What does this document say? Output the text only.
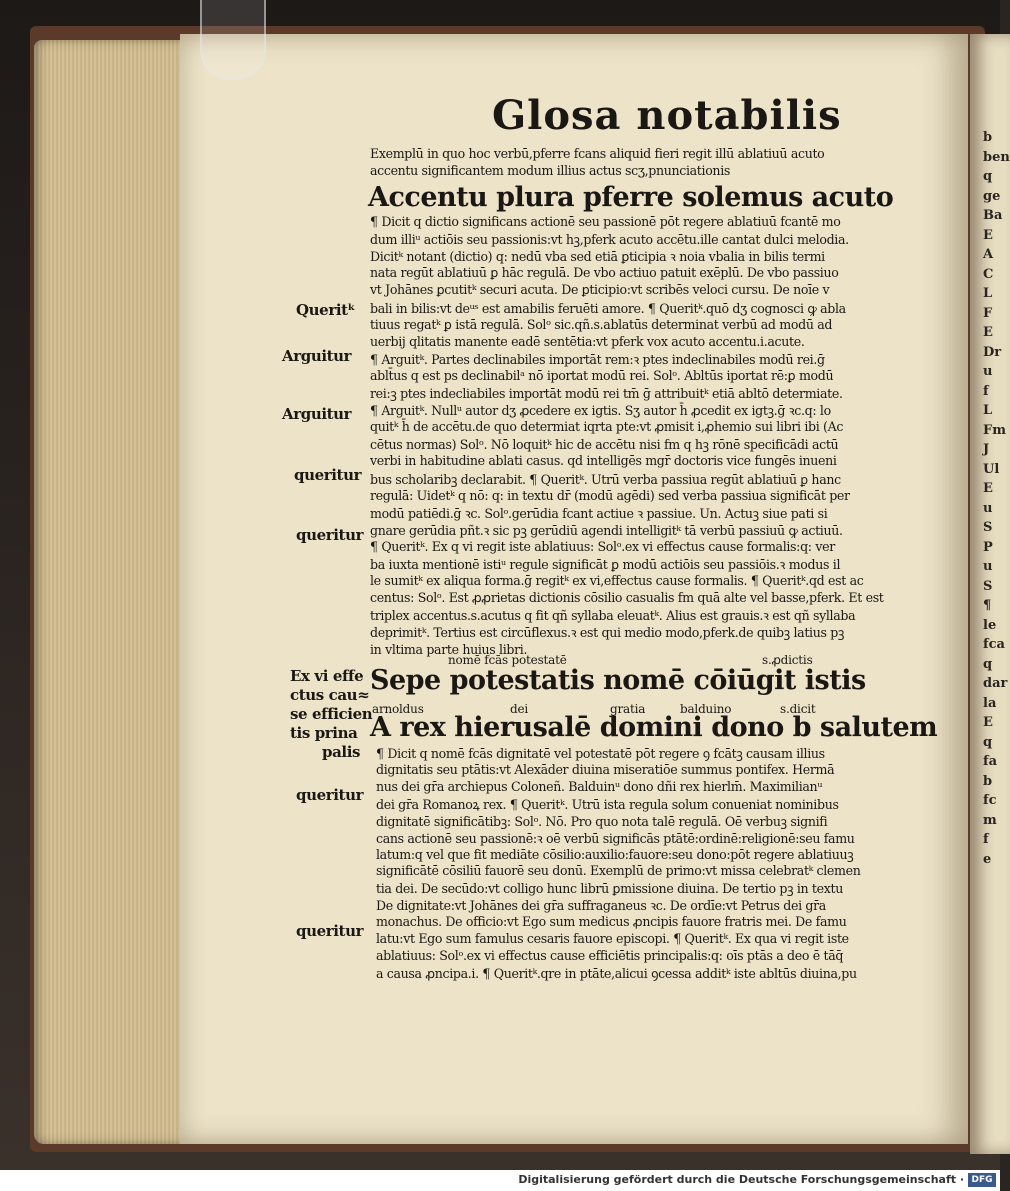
Glosa notabilis
Exemplū in quo hoc verbū,pferre fcans aliquid fieri regit illū ablatiuū acuto
accentu significantem modum illius actus scʒ,pnunciationis
Accentu plura pferre solemus acuto
¶ Dicit q dictio significans actionē seu passionē pōt regere ablatiuū fcantē mo
dum illiᵘ actiōis seu passionis:vt hꝫ,pferk acuto accētu.ille cantat dulci melodia.
Dicitᵏ notant (dictio) q: nedū vba sed etiā ꝑticipia ꝛ noia vbalia in bilis termi
nata regūt ablatiuū ꝑ hāc regulā. De vbo actiuo patuit exēplū. De vbo passiuo
vt Johānes ꝑcutitᵏ securi acuta. De ꝑticipio:vt scribēs veloci cursu. De noīe v
bali in bilis:vt deᵘˢ est amabilis feruēti amore. ¶ Queritᵏ.quō dʒ cognosci ꝙ abla
tiuus regatᵏ ꝑ istā regulā. Solᵒ sic.qñ.s.ablatūs determinat verbū ad modū ad
uerbij qlitatis manente eadē sentētia:vt pferk vox acuto accentu.i.acute.
¶ Arguitᵏ. Partes declinabiles importāt rem:ꝛ ptes indeclinabiles modū rei.ḡ
ablt̄us q est ps declinabilᵃ nō iportat modū rei. Solᵒ. Abltūs iportat rē:ꝑ modū
rei:ꝫ ptes indecliabiles importāt modū rei tm̄ ḡ attribuitᵏ etiā abltō determiate.
¶ Arguitᵏ. Nullᵘ autor dʒ ꝓcedere ex igtis. Sʒ autor h̄ ꝓcedit ex igtꝫ.ḡ ꝛc.q: lo
quitᵏ h̄ de accētu.de quo determiat iqrta pte:vt ꝓmisit i,ꝓhemio sui libri ibi (Ac
cētus normas) Solᵒ. Nō loquitᵏ hic de accētu nisi fm q hꝫ rōnē specificādi actū
verbi in habitudine ablati casus. qd intelligēs mgr̄ doctoris vice fungēs inueni
bus scholaribꝫ declarabit. ¶ Queritᵏ. Utrū verba passiua regūt ablatiuū ꝑ hanc
regulā: Uidetᵏ q nō: q: in textu dr̄ (modū agēdi) sed verba passiua significāt per
modū patiēdi.ḡ ꝛc. Solᵒ.gerūdia fcant actiue ꝛ passiue. Un. Actuꝫ siue pati si
gnare gerūdia pñt.ꝛ sic pꝫ gerūdiū agendi intelligitᵏ tā verbū passiuū ꝙ actiuū.
¶ Queritᵏ. Ex q vi regit iste ablatiuus: Solᵒ.ex vi effectus cause formalis:q: ver
ba iuxta mentionē istiᵘ regule significāt ꝑ modū actiōis seu passiōis.ꝛ modus il
le sumitᵏ ex aliqua forma.ḡ regitᵏ ex vi,effectus cause formalis. ¶ Queritᵏ.qd est ac
centus: Solᵒ. Est ꝓꝓrietas dictionis cōsilio casualis fm quā alte vel basse,pferk. Et est
triplex accentus.s.acutus q fit qñ syllaba eleuatᵏ. Alius est grauis.ꝛ est qñ syllaba
deprimitᵏ. Tertius est circūflexus.ꝛ est qui medio modo,pferk.de quibꝫ latius pꝫ
in vltima parte huius libri.
nomē fcās potestatē	s.ꝓdictis
Sepe potestatis nomē cōiūgit istis
arnoldus	dei	gratia	balduino	s.dicit
A rex hierusalē domini dono b salutem
¶ Dicit q nomē fcās dignitatē vel potestatē pōt regere ꝯ fcātꝫ causam illius
dignitatis seu ptātis:vt Alexāder diuina miseratiōe summus pontifex. Hermā
nus dei gr̄a archiepus Coloneñ. Balduinᵘ dono dñi rex hierlm̄. Maximilianᵘ
dei gr̄a Romanoꝝ rex. ¶ Queritᵏ. Utrū ista regula solum conueniat nominibus
dignitatē significātibꝫ: Solᵒ. Nō. Pro quo nota talē regulā. Oē verbuꝫ signifi
cans actionē seu passionē:ꝛ oē verbū significās ptātē:ordinē:religionē:seu famu
latum:q vel que fit mediāte cōsilio:auxilio:fauore:seu dono:pōt regere ablatiuuꝫ
significātē cōsiliū fauorē seu donū. Exemplū de primo:vt missa celebratᵏ clemen
tia dei. De secūdo:vt colligo hunc librū ꝑmissione diuina. De tertio pꝫ in textu
De dignitate:vt Johānes dei gr̄a suffraganeus ꝛc. De ordīe:vt Petrus dei gr̄a
monachus. De officio:vt Ego sum medicus ꝓncipis fauore fratris mei. De famu
latu:vt Ego sum famulus cesaris fauore episcopi. ¶ Queritᵏ. Ex qua vi regit iste
ablatiuus: Solᵒ.ex vi effectus cause efficiētis principalis:q: oīs ptās a deo ē tāq̄
a causa ꝓncipa.i. ¶ Queritᵏ.qre in ptāte,alicui ꝯcessa additᵏ iste abltūs diuina,pu
Queritᵏ
Arguitur
Arguitur
queritur
queritur
Ex vi effe
ctus cau≈
se efficien
tis prina
palis
queritur
queritur
b
ben
q
ge
Ba
E
A
C
L
F
E
Dr
u
f
L
Fm
J
Ul
E
u
S
P
u
S
¶
le
fca
q
dar
la
E
q
fa
b
fc
m
f
e
Digitalisierung gefördert durch die Deutsche Forschungsgemeinschaft · DFG
